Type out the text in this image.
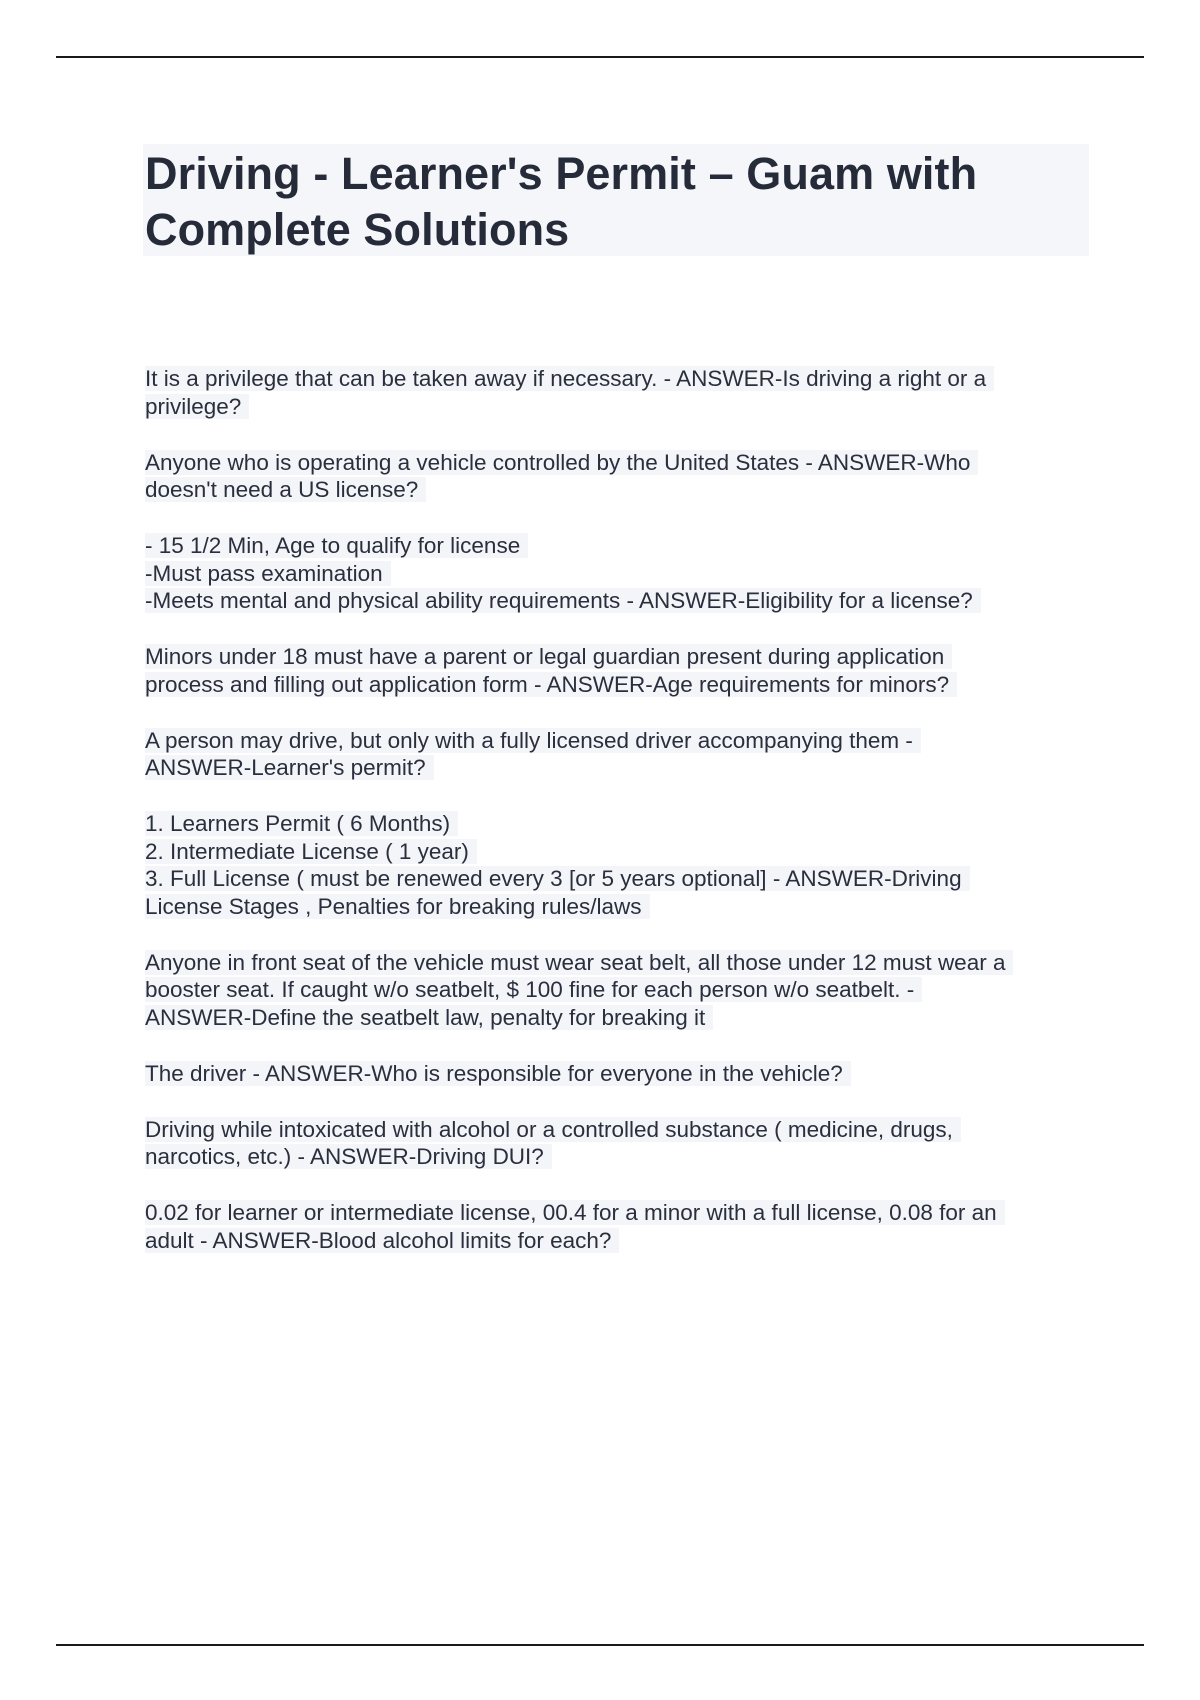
Driving - Learner's Permit – Guam with
Complete Solutions
It is a privilege that can be taken away if necessary. - ANSWER-Is driving a right or a
privilege?
Anyone who is operating a vehicle controlled by the United States - ANSWER-Who
doesn't need a US license?
- 15 1/2 Min, Age to qualify for license
-Must pass examination
-Meets mental and physical ability requirements - ANSWER-Eligibility for a license?
Minors under 18 must have a parent or legal guardian present during application
process and filling out application form - ANSWER-Age requirements for minors?
A person may drive, but only with a fully licensed driver accompanying them -
ANSWER-Learner's permit?
1. Learners Permit ( 6 Months)
2. Intermediate License ( 1 year)
3. Full License ( must be renewed every 3 [or 5 years optional] - ANSWER-Driving
License Stages , Penalties for breaking rules/laws
Anyone in front seat of the vehicle must wear seat belt, all those under 12 must wear a
booster seat. If caught w/o seatbelt, $ 100 fine for each person w/o seatbelt. -
ANSWER-Define the seatbelt law, penalty for breaking it
The driver - ANSWER-Who is responsible for everyone in the vehicle?
Driving while intoxicated with alcohol or a controlled substance ( medicine, drugs,
narcotics, etc.) - ANSWER-Driving DUI?
0.02 for learner or intermediate license, 00.4 for a minor with a full license, 0.08 for an
adult - ANSWER-Blood alcohol limits for each?
